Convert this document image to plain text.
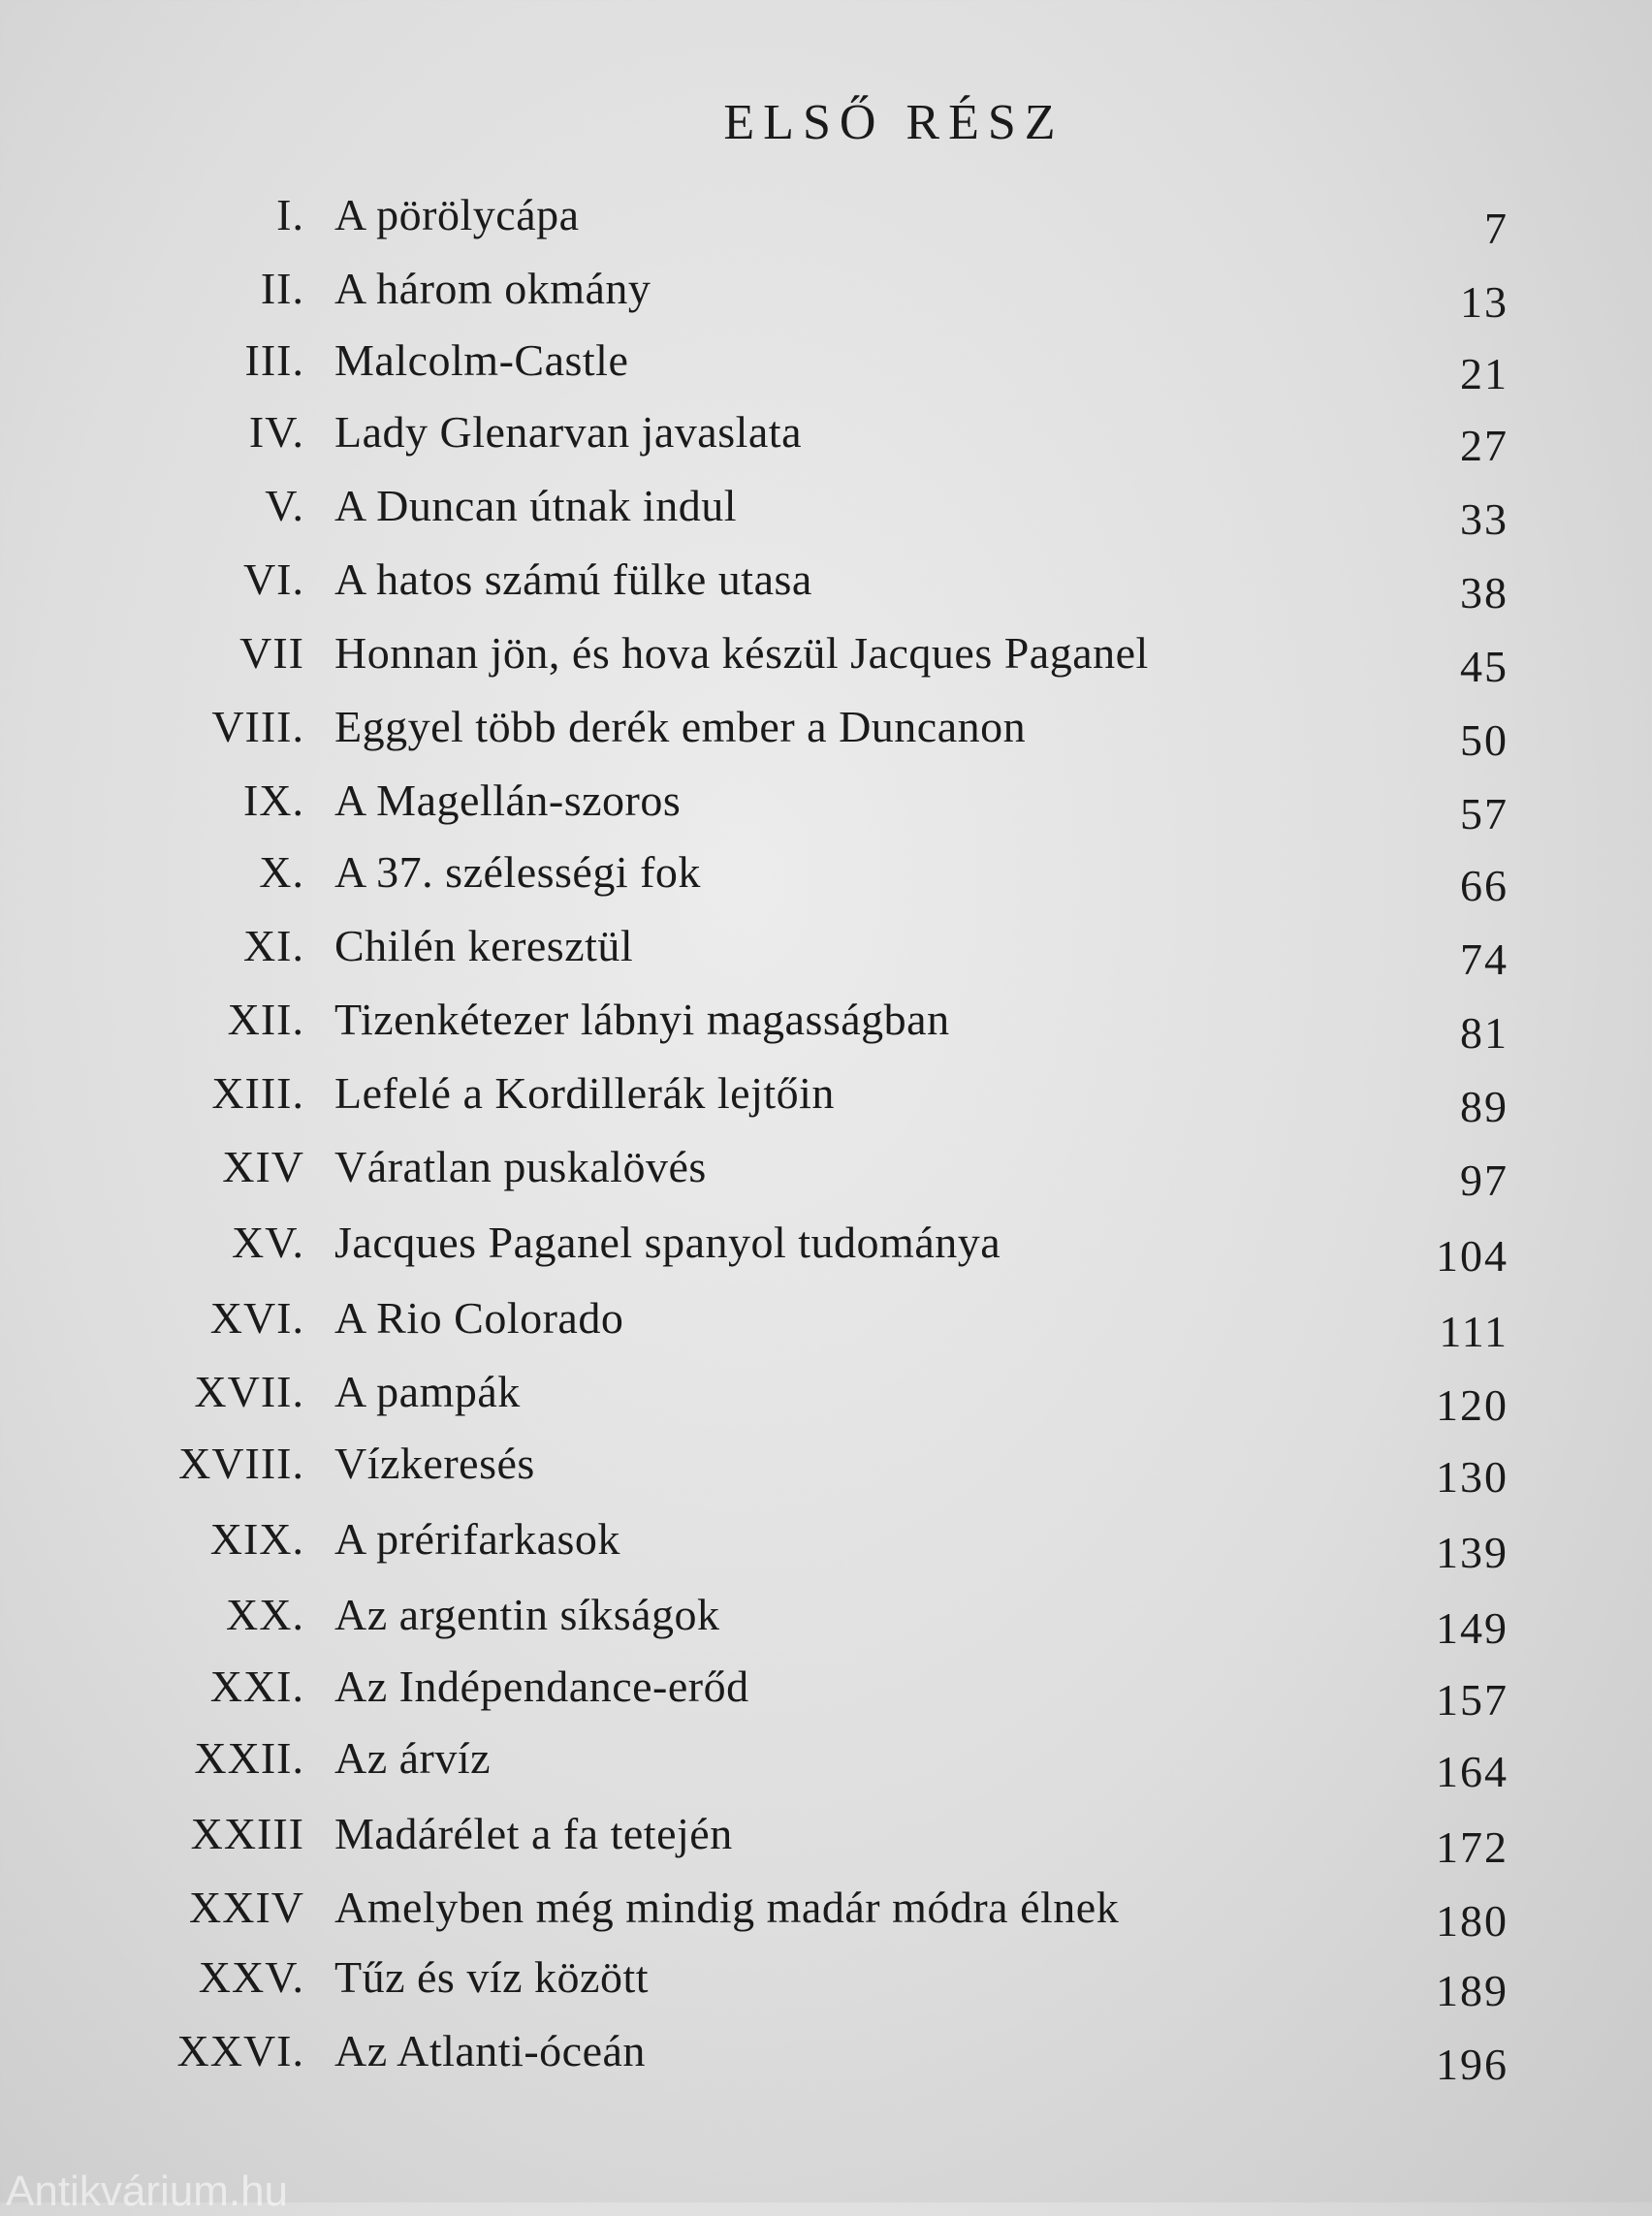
ELSŐ RÉSZ
I. A pörölycápa	7
II. A három okmány	13
III. Malcolm-Castle	21
IV. Lady Glenarvan javaslata	27
V. A Duncan útnak indul	33
VI. A hatos számú fülke utasa	38
VII Honnan jön, és hova készül Jacques Paganel	45
VIII. Eggyel több derék ember a Duncanon	50
IX. A Magellán-szoros	57
X. A 37. szélességi fok	66
XI. Chilén keresztül	74
XII. Tizenkétezer lábnyi magasságban	81
XIII. Lefelé a Kordillerák lejtőin	89
XIV Váratlan puskalövés	97
XV. Jacques Paganel spanyol tudománya	104
XVI. A Rio Colorado	111
XVII. A pampák	120
XVIII. Vízkeresés	130
XIX. A prérifarkasok	139
XX. Az argentin síkságok	149
XXI. Az Indépendance-erőd	157
XXII. Az árvíz	164
XXIII Madárélet a fa tetején	172
XXIV Amelyben még mindig madár módra élnek	180
XXV. Tűz és víz között	189
XXVI. Az Atlanti-óceán	196
Antikvárium.hu
